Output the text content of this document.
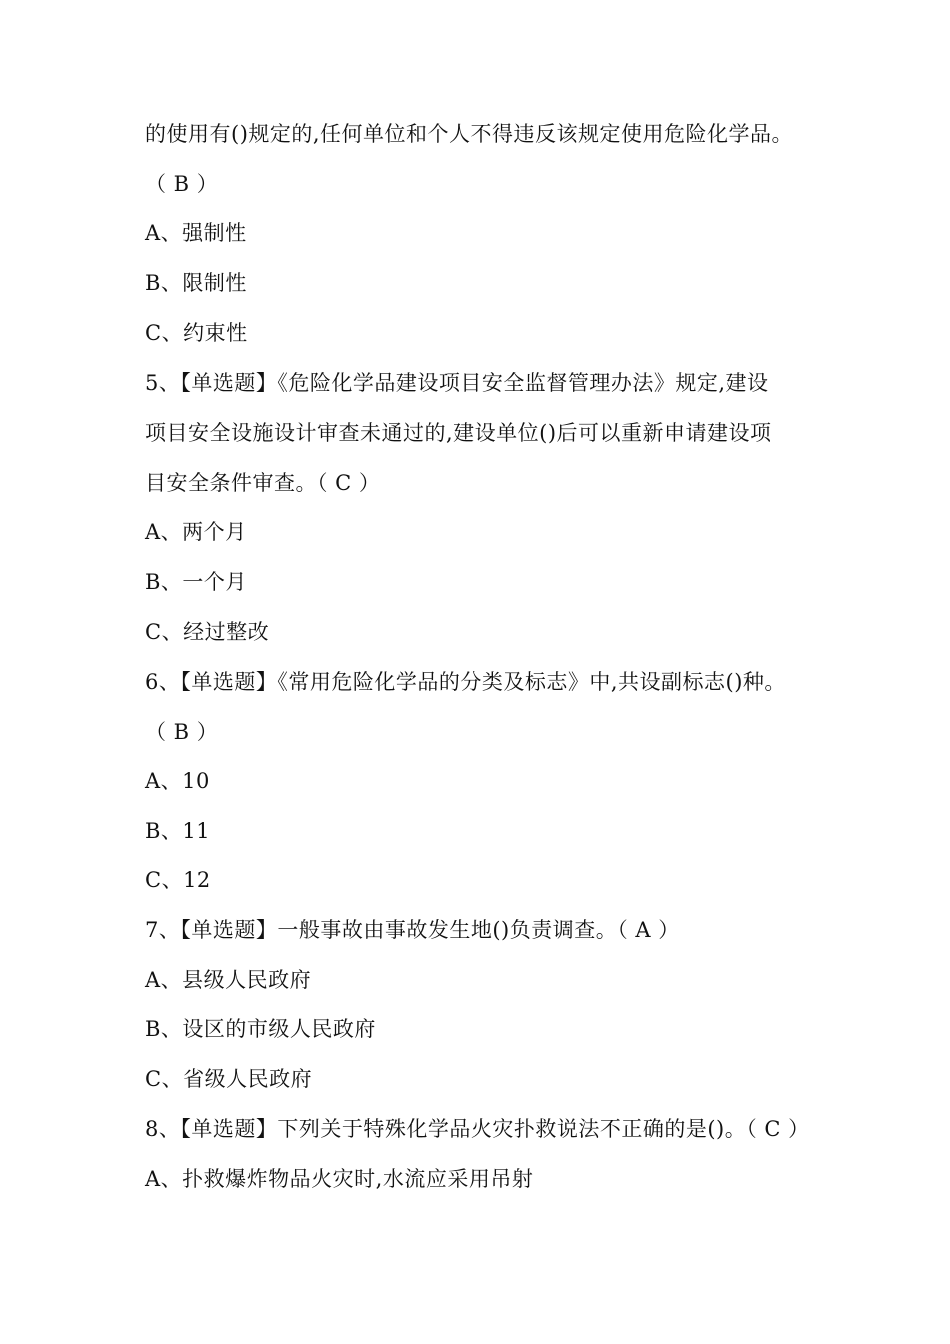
的使用有()规定的,任何单位和个人不得违反该规定使用危险化学品。
（ B ）
A、强制性
B、限制性
C、约束性
5、【单选题】《危险化学品建设项目安全监督管理办法》规定,建设
项目安全设施设计审查未通过的,建设单位()后可以重新申请建设项
目安全条件审查。（ C ）
A、两个月
B、一个月
C、经过整改
6、【单选题】《常用危险化学品的分类及标志》中,共设副标志()种。
（ B ）
A、10
B、11
C、12
7、【单选题】一般事故由事故发生地()负责调查。（ A ）
A、县级人民政府
B、设区的市级人民政府
C、省级人民政府
8、【单选题】下列关于特殊化学品火灾扑救说法不正确的是()。（ C ）
A、扑救爆炸物品火灾时,水流应采用吊射
